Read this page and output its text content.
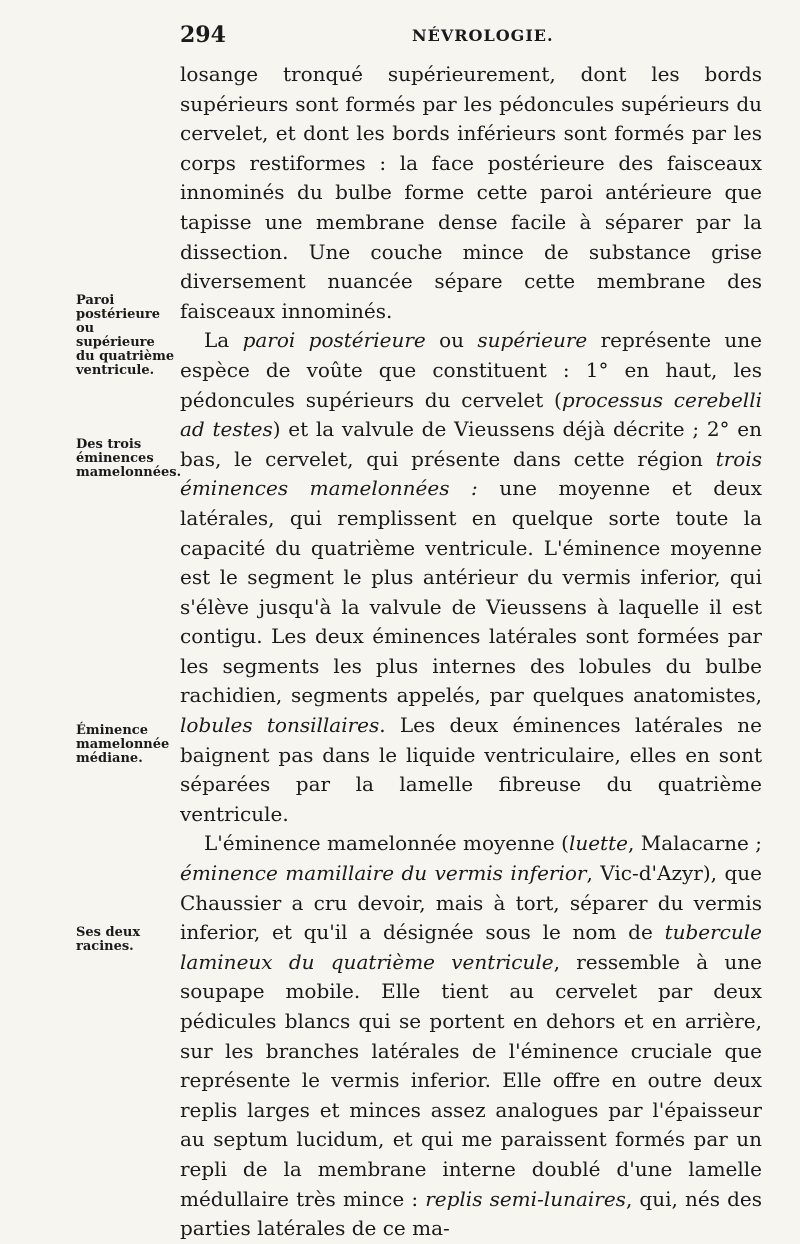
294	NÉVROLOGIE.
Paroi postérieure ou supérieure du quatrième ventricule.
Des trois éminences mamelonnées.
Éminence mamelonnée médiane.
Ses deux racines.

losange tronqué supérieurement, dont les bords supérieurs sont formés par les pédoncules supérieurs du cervelet, et dont les bords inférieurs sont formés par les corps restiformes : la face postérieure des faisceaux innominés du bulbe forme cette paroi antérieure que tapisse une membrane dense facile à séparer par la dissection. Une couche mince de substance grise diversement nuancée sépare cette membrane des faisceaux innominés.

La paroi postérieure ou supérieure représente une espèce de voûte que constituent : 1° en haut, les pédoncules supérieurs du cervelet (processus cerebelli ad testes) et la valvule de Vieussens déjà décrite ; 2° en bas, le cervelet, qui présente dans cette région trois éminences mamelonnées : une moyenne et deux latérales, qui remplissent en quelque sorte toute la capacité du quatrième ventricule. L'éminence moyenne est le segment le plus antérieur du vermis inferior, qui s'élève jusqu'à la valvule de Vieussens à laquelle il est contigu. Les deux éminences latérales sont formées par les segments les plus internes des lobules du bulbe rachidien, segments appelés, par quelques anatomistes, lobules tonsillaires. Les deux éminences latérales ne baignent pas dans le liquide ventriculaire, elles en sont séparées par la lamelle fibreuse du quatrième ventricule.

L'éminence mamelonnée moyenne (luette, Malacarne ; éminence mamillaire du vermis inferior, Vic-d'Azyr), que Chaussier a cru devoir, mais à tort, séparer du vermis inferior, et qu'il a désignée sous le nom de tubercule lamineux du quatrième ventricule, ressemble à une soupape mobile. Elle tient au cervelet par deux pédicules blancs qui se portent en dehors et en arrière, sur les branches latérales de l'éminence cruciale que représente le vermis inferior. Elle offre en outre deux replis larges et minces assez analogues par l'épaisseur au septum lucidum, et qui me paraissent formés par un repli de la membrane interne doublé d'une lamelle médullaire très mince : replis semi-lunaires, qui, nés des parties latérales de ce ma-
